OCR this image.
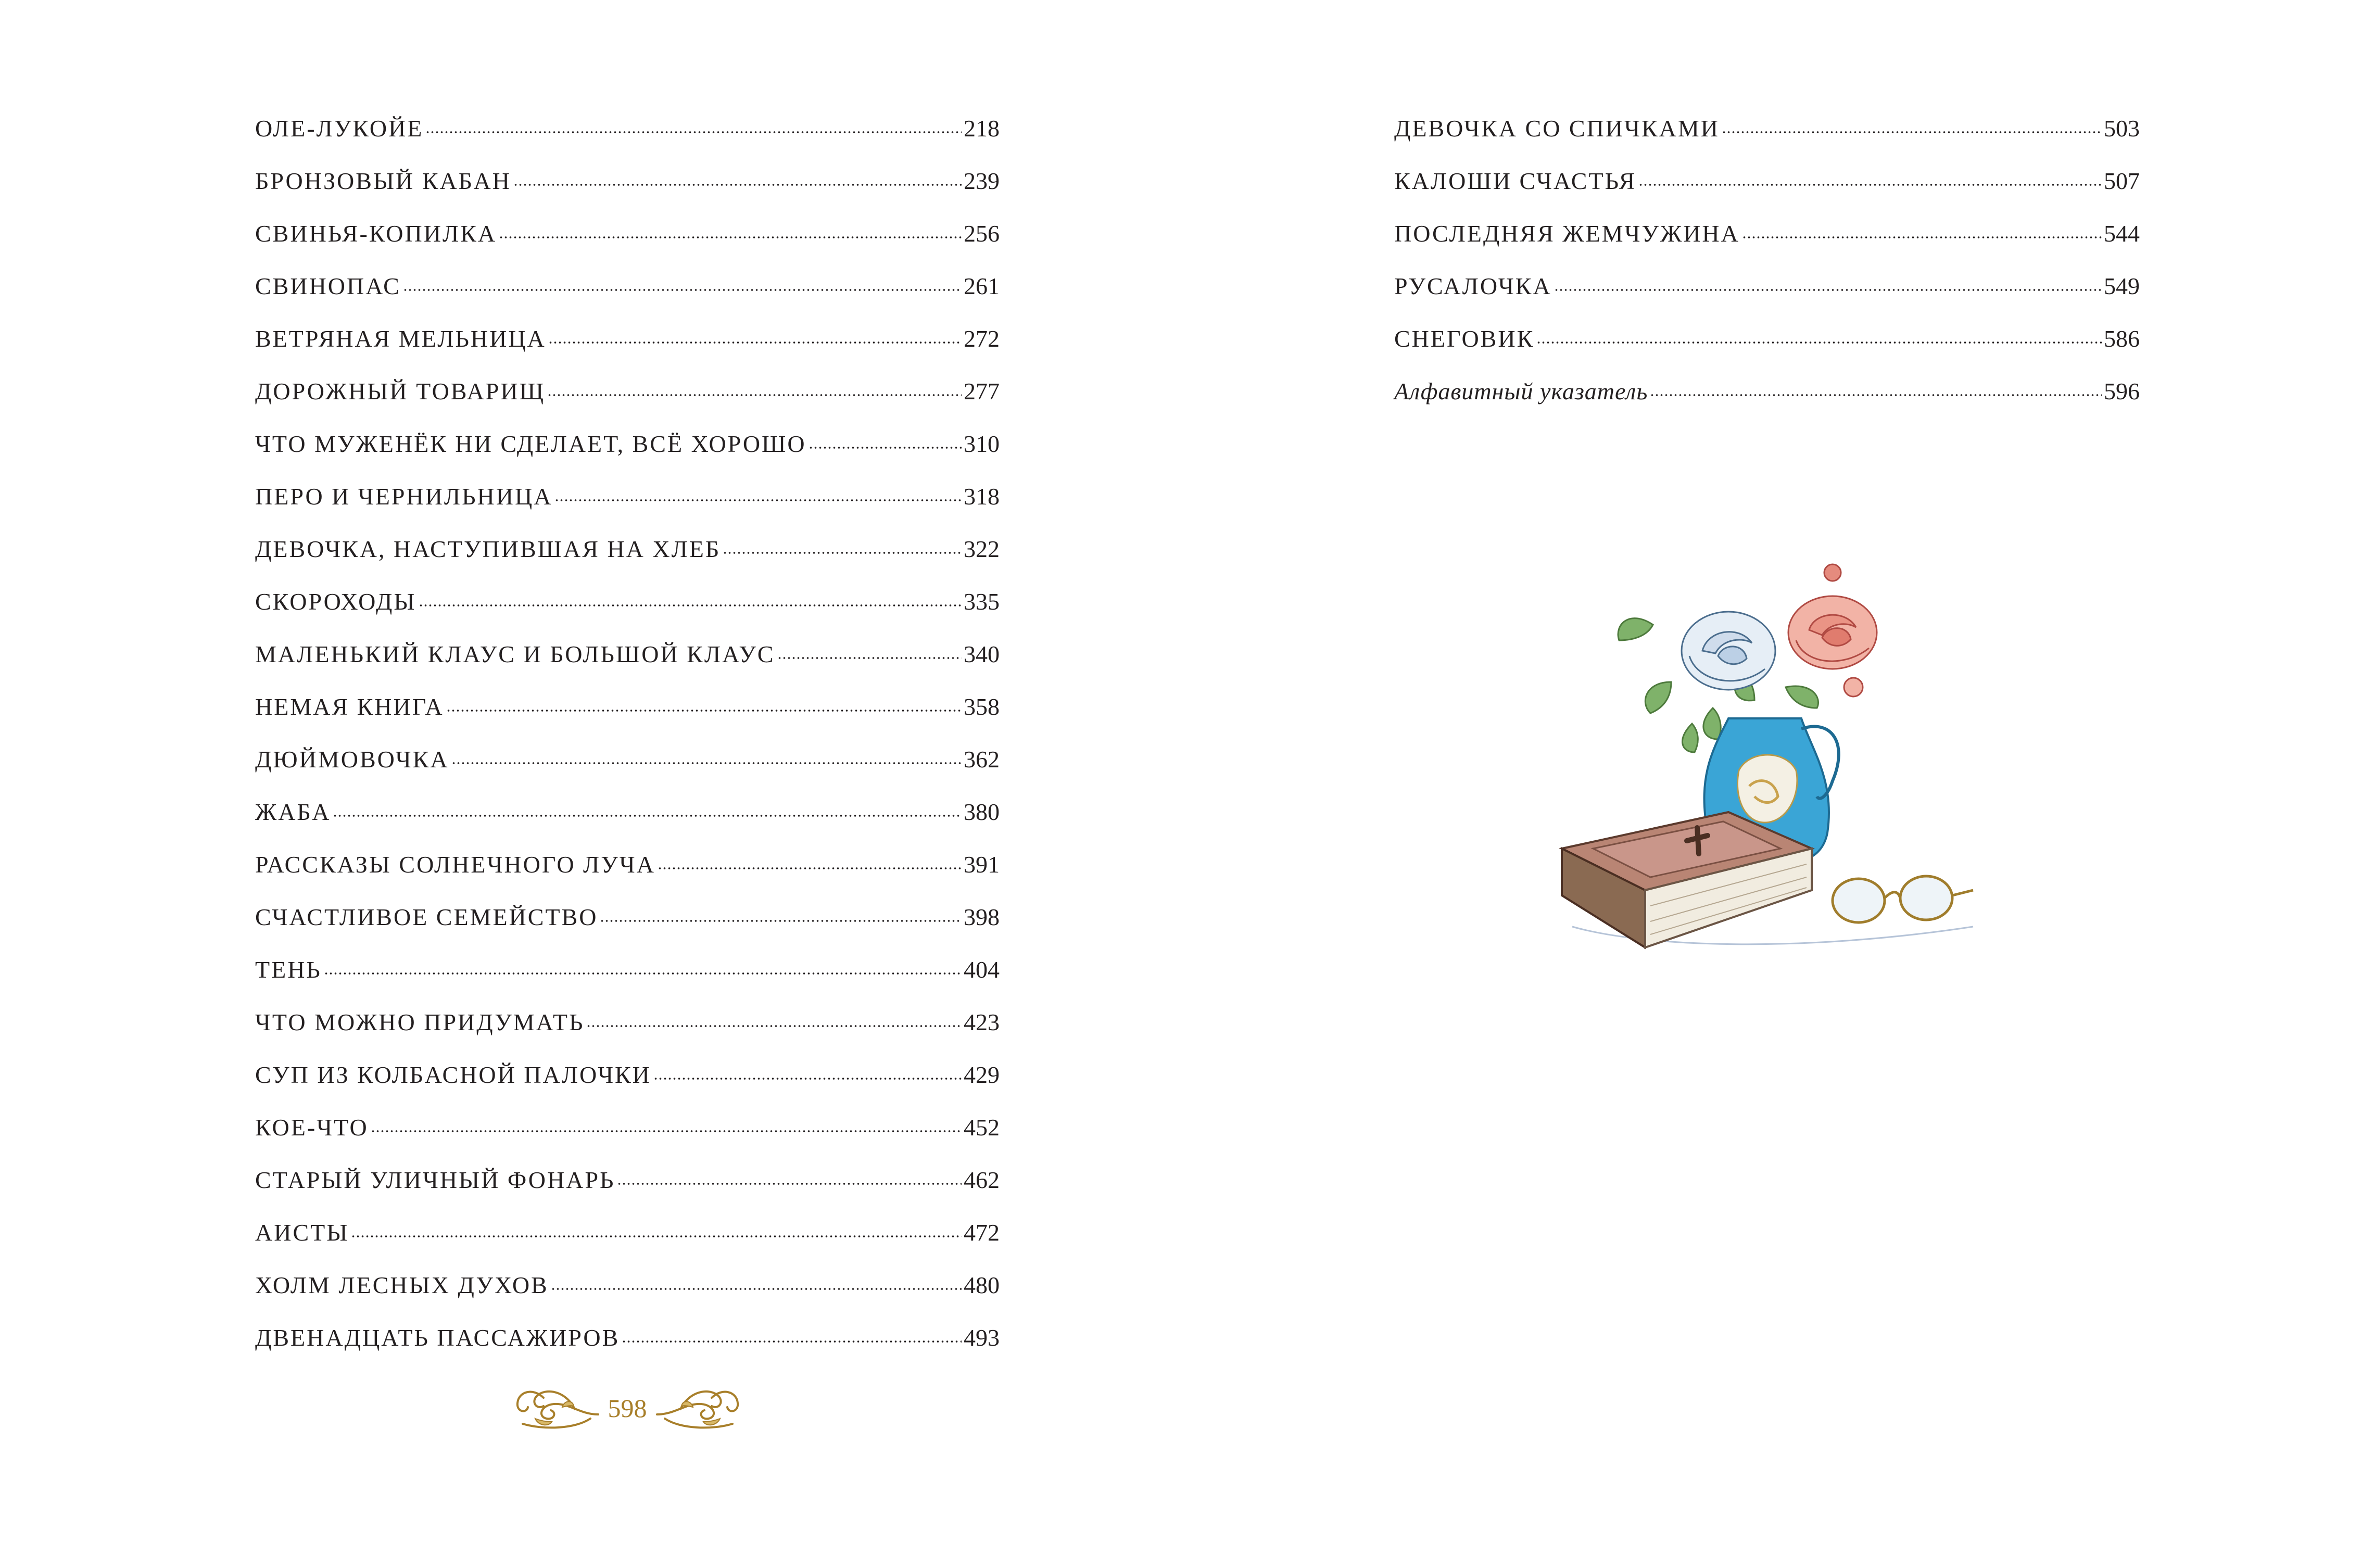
ОЛЕ-ЛУКОЙЕ	218
БРОНЗОВЫЙ КАБАН	239
СВИНЬЯ-КОПИЛКА	256
СВИНОПАС	261
ВЕТРЯНАЯ МЕЛЬНИЦА	272
ДОРОЖНЫЙ ТОВАРИЩ	277
ЧТО МУЖЕНЁК НИ СДЕЛАЕТ, ВСЁ ХОРОШО	310
ПЕРО И ЧЕРНИЛЬНИЦА	318
ДЕВОЧКА, НАСТУПИВШАЯ НА ХЛЕБ	322
СКОРОХОДЫ	335
МАЛЕНЬКИЙ КЛАУС И БОЛЬШОЙ КЛАУС	340
НЕМАЯ КНИГА	358
ДЮЙМОВОЧКА	362
ЖАБА	380
РАССКАЗЫ СОЛНЕЧНОГО ЛУЧА	391
СЧАСТЛИВОЕ СЕМЕЙСТВО	398
ТЕНЬ	404
ЧТО МОЖНО ПРИДУМАТЬ	423
СУП ИЗ КОЛБАСНОЙ ПАЛОЧКИ	429
КОЕ-ЧТО	452
СТАРЫЙ УЛИЧНЫЙ ФОНАРЬ	462
АИСТЫ	472
ХОЛМ ЛЕСНЫХ ДУХОВ	480
ДВЕНАДЦАТЬ ПАССАЖИРОВ	493
ДЕВОЧКА СО СПИЧКАМИ	503
КАЛОШИ СЧАСТЬЯ	507
ПОСЛЕДНЯЯ ЖЕМЧУЖИНА	544
РУСАЛОЧКА	549
СНЕГОВИК	586
Алфавитный указатель	596
598
